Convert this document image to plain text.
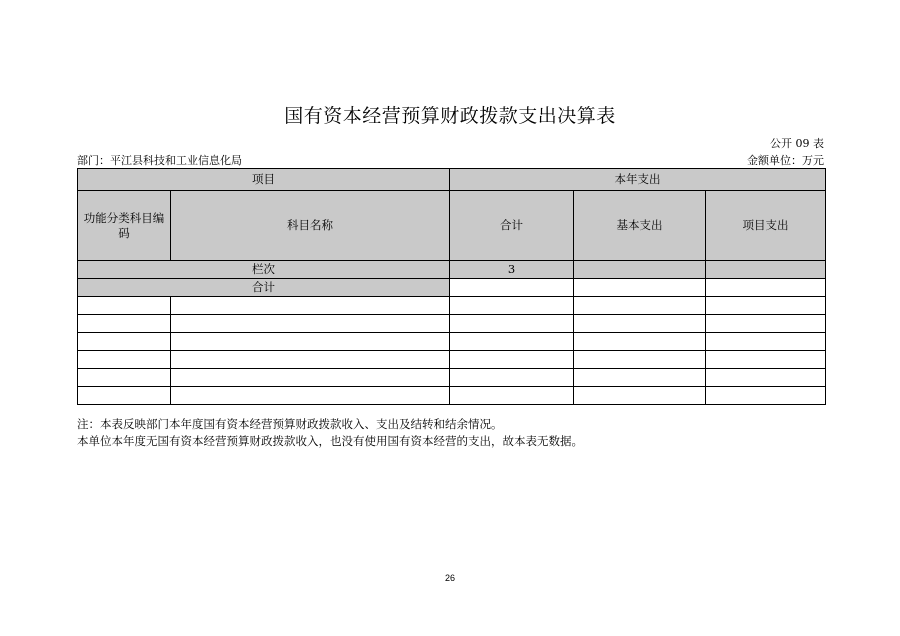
国有资本经营预算财政拨款支出决算表
公开 09 表
部门：平江县科技和工业信息化局	金额单位：万元
项目		本年支出		
功能分类科目编码	科目名称	合计	基本支出	项目支出
栏次		3		
合计				

注：本表反映部门本年度国有资本经营预算财政拨款收入、支出及结转和结余情况。
本单位本年度无国有资本经营预算财政拨款收入，也没有使用国有资本经营的支出，故本表无数据。
26
